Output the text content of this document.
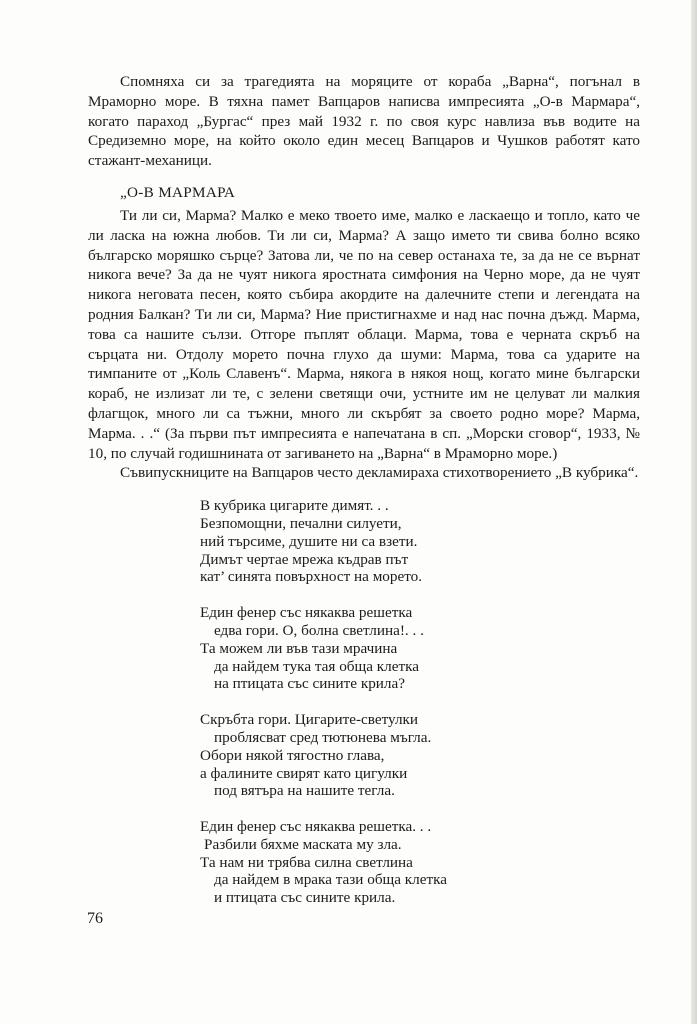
Спомняха си за трагедията на моряците от кораба „Варна“, погънал в Мраморно море. В тяхна памет Вапцаров написва импресията „О-в Мармара“, когато параход „Бургас“ през май 1932 г. по своя курс навлиза във водите на Средиземно море, на който около един месец Вапцаров и Чушков работят като стажант-механици.

„О-В МАРМАРА

Ти ли си, Марма? Малко е меко твоето име, малко е ласкаещо и топло, като че ли ласка на южна любов. Ти ли си, Марма? А защо името ти свива болно всяко българско моряшко сърце? Затова ли, че по на север останаха те, за да не се върнат никога вече? За да не чуят никога яростната симфония на Черно море, да не чуят никога неговата песен, която събира акордите на далечните степи и легендата на родния Балкан? Ти ли си, Марма? Ние пристигнахме и над нас почна дъжд. Марма, това са нашите сълзи. Отгоре пъплят облаци. Марма, това е черната скръб на сърцата ни. Отдолу морето почна глухо да шуми: Марма, това са ударите на тимпаните от „Коль Славенъ“. Марма, някога в някоя нощ, когато мине български кораб, не излизат ли те, с зелени светящи очи, устните им не целуват ли малкия флагщок, много ли са тъжни, много ли скърбят за своето родно море? Марма, Марма. . .“ (За първи път импресията е напечатана в сп. „Морски сговор“, 1933, № 10, по случай годишнината от загиването на „Варна“ в Мраморно море.)

Съвипускниците на Вапцаров често декламираха стихотворението „В кубрика“.

В кубрика цигарите димят. . .
Безпомощни, печални силуети,
ний търсиме, душите ни са взети.
Димът чертае мрежа къдрав път
кат’ синята повърхност на морето.
Един фенер със някаква решетка
едва гори. О, болна светлина!. . .
Та можем ли във тази мрачина
да найдем тука тая обща клетка
на птицата със сините крила?
Скръбта гори. Цигарите-светулки
проблясват сред тютюнева мъгла.
Обори някой тягостно глава,
а фалините свирят като цигулки
под вятъра на нашите тегла.
Един фенер със някаква решетка. . .
Разбили бяхме маската му зла.
Та нам ни трябва силна светлина
да найдем в мрака тази обща клетка
и птицата със сините крила.
76
